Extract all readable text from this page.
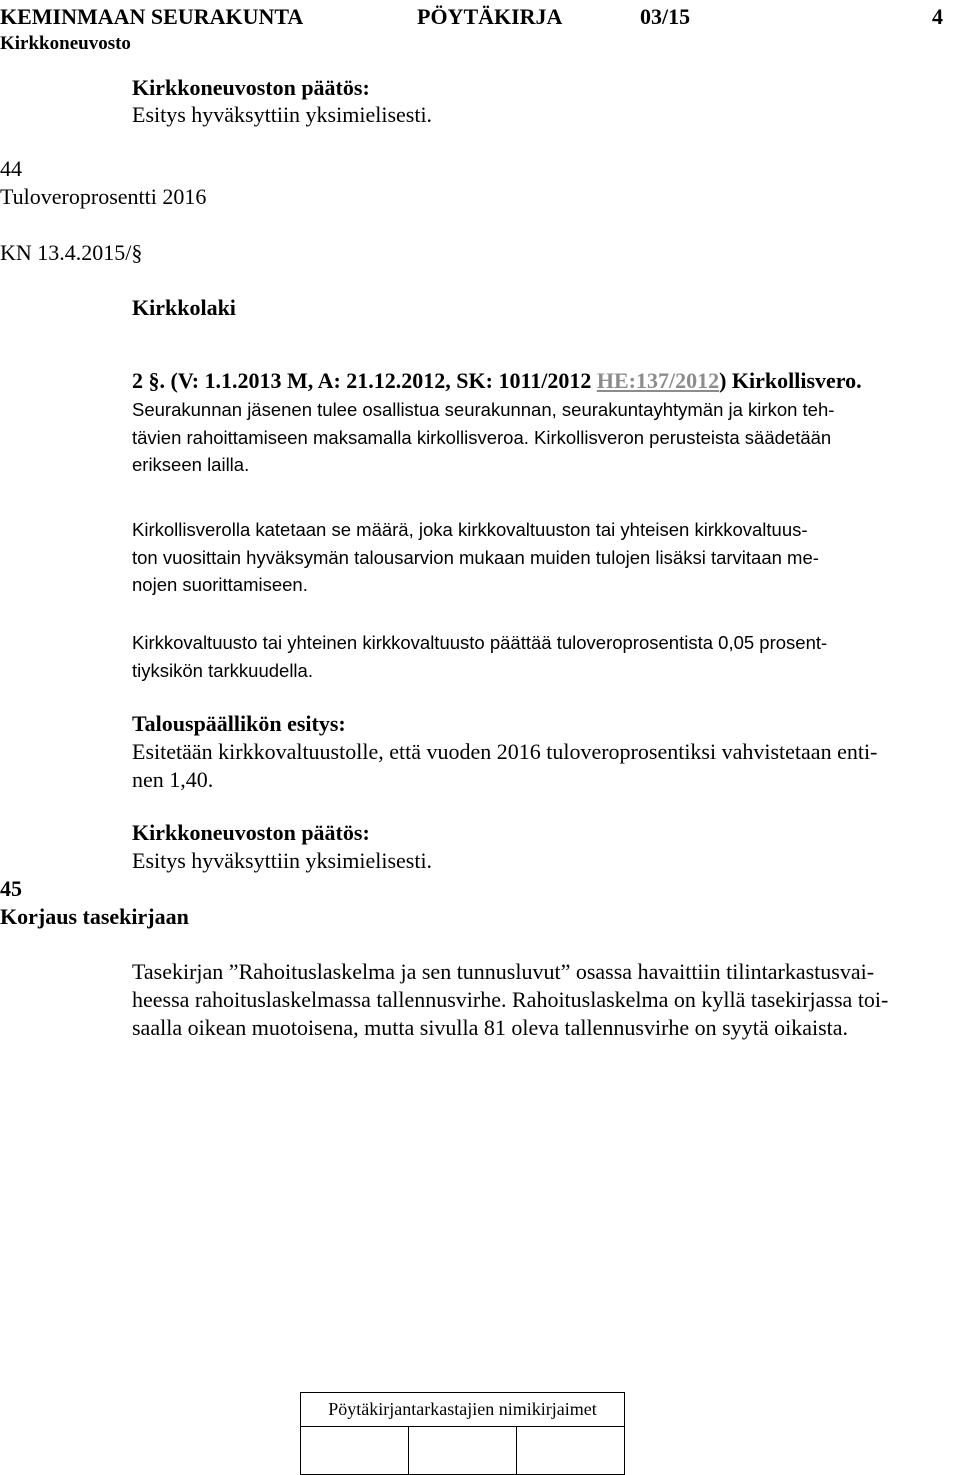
KEMINMAAN SEURAKUNTA	PÖYTÄKIRJA	03/15	4
Kirkkoneuvosto
Kirkkoneuvoston päätös:
Esitys hyväksyttiin yksimielisesti.
44
Tuloveroprosentti 2016
KN 13.4.2015/§
Kirkkolaki
2 §. (V: 1.1.2013 M, A: 21.12.2012, SK: 1011/2012 HE:137/2012) Kirkollisvero.
Seurakunnan jäsenen tulee osallistua seurakunnan, seurakuntayhtymän ja kirkon teh-
tävien rahoittamiseen maksamalla kirkollisveroa. Kirkollisveron perusteista säädetään
erikseen lailla.
Kirkollisverolla katetaan se määrä, joka kirkkovaltuuston tai yhteisen kirkkovaltuus-
ton vuosittain hyväksymän talousarvion mukaan muiden tulojen lisäksi tarvitaan me-
nojen suorittamiseen.
Kirkkovaltuusto tai yhteinen kirkkovaltuusto päättää tuloveroprosentista 0,05 prosent-
tiyksikön tarkkuudella.
Talouspäällikön esitys:
Esitetään kirkkovaltuustolle, että vuoden 2016 tuloveroprosentiksi vahvistetaan enti-
nen 1,40.
Kirkkoneuvoston päätös:
Esitys hyväksyttiin yksimielisesti.
45
Korjaus tasekirjaan
Tasekirjan ”Rahoituslaskelma ja sen tunnusluvut” osassa havaittiin tilintarkastusvai-
heessa rahoituslaskelmassa tallennusvirhe. Rahoituslaskelma on kyllä tasekirjassa toi-
saalla oikean muotoisena, mutta sivulla 81 oleva tallennusvirhe on syytä oikaista.
Pöytäkirjantarkastajien nimikirjaimet
